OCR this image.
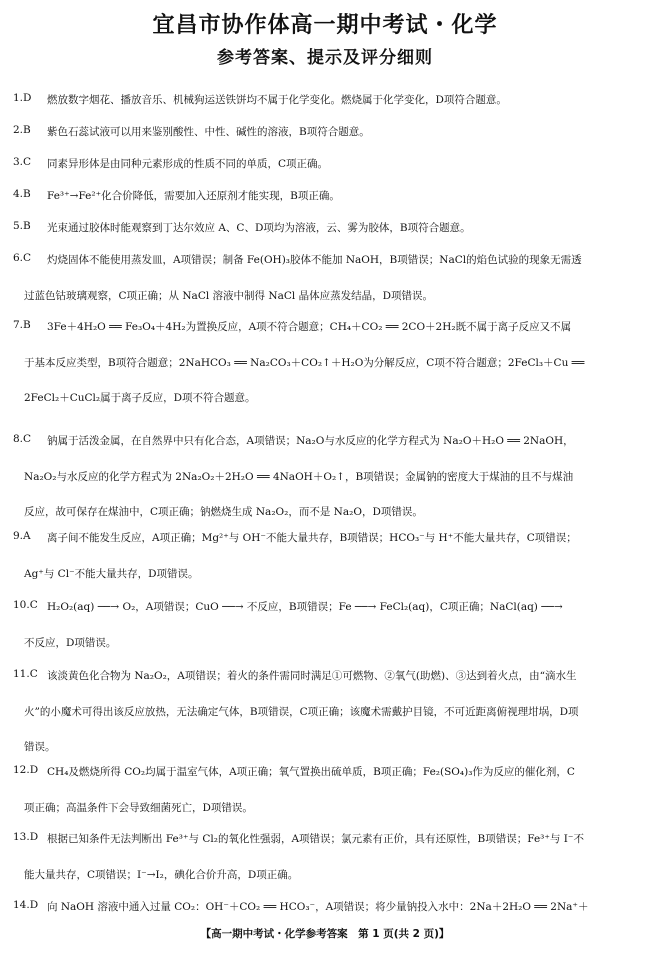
宜昌市协作体高一期中考试・化学
参考答案、提示及评分细则
1.D 燃放数字烟花、播放音乐、机械狗运送铁饼均不属于化学变化。燃烧属于化学变化，D项符合题意。
2.B 紫色石蕊试液可以用来鉴别酸性、中性、碱性的溶液，B项符合题意。
3.C 同素异形体是由同种元素形成的性质不同的单质，C项正确。
4.B Fe³⁺→Fe²⁺化合价降低，需要加入还原剂才能实现，B项正确。
5.B 光束通过胶体时能观察到丁达尔效应 A、C、D项均为溶液，云、雾为胶体，B项符合题意。
6.C 灼烧固体不能使用蒸发皿，A项错误；制备 Fe(OH)₃胶体不能加 NaOH，B项错误；NaCl的焰色试验的现象无需透
过蓝色钴玻璃观察，C项正确；从 NaCl 溶液中制得 NaCl 晶体应蒸发结晶，D项错误。
7.B 3Fe＋4H₂O ══ Fe₃O₄＋4H₂为置换反应，A项不符合题意；CH₄＋CO₂ ══ 2CO＋2H₂既不属于离子反应又不属
于基本反应类型，B项符合题意；2NaHCO₃ ══ Na₂CO₃＋CO₂↑＋H₂O为分解反应，C项不符合题意；2FeCl₃＋Cu ══
2FeCl₂＋CuCl₂属于离子反应，D项不符合题意。
8.C 钠属于活泼金属，在自然界中只有化合态，A项错误；Na₂O与水反应的化学方程式为 Na₂O＋H₂O ══ 2NaOH，
Na₂O₂与水反应的化学方程式为 2Na₂O₂＋2H₂O ══ 4NaOH＋O₂↑，B项错误；金属钠的密度大于煤油的且不与煤油
反应，故可保存在煤油中，C项正确；钠燃烧生成 Na₂O₂，而不是 Na₂O，D项错误。
9.A 离子间不能发生反应，A项正确；Mg²⁺与 OH⁻不能大量共存，B项错误；HCO₃⁻与 H⁺不能大量共存，C项错误；
Ag⁺与 Cl⁻不能大量共存，D项错误。
10.C H₂O₂(aq) ──→ O₂，A项错误；CuO ──→ 不反应，B项错误；Fe ──→ FeCl₂(aq)，C项正确；NaCl(aq) ──→
不反应，D项错误。
11.C 该淡黄色化合物为 Na₂O₂，A项错误；着火的条件需同时满足①可燃物、②氧气(助燃)、③达到着火点，由“滴水生
火”的小魔术可得出该反应放热，无法确定气体，B项错误，C项正确；该魔术需戴护目镜，不可近距离俯视理坩埚，D项
错误。
12.D CH₄及燃烧所得 CO₂均属于温室气体，A项正确；氧气置换出硫单质，B项正确；Fe₂(SO₄)₃作为反应的催化剂，C
项正确；高温条件下会导致细菌死亡，D项错误。
13.D 根据已知条件无法判断出 Fe³⁺与 Cl₂的氧化性强弱，A项错误；氯元素有正价，具有还原性，B项错误；Fe³⁺与 I⁻不
能大量共存，C项错误；I⁻→I₂，碘化合价升高，D项正确。
14.D 向 NaOH 溶液中通入过量 CO₂：OH⁻＋CO₂ ══ HCO₃⁻，A项错误；将少量钠投入水中：2Na＋2H₂O ══ 2Na⁺＋
【高一期中考试・化学参考答案　第 1 页(共 2 页)】
